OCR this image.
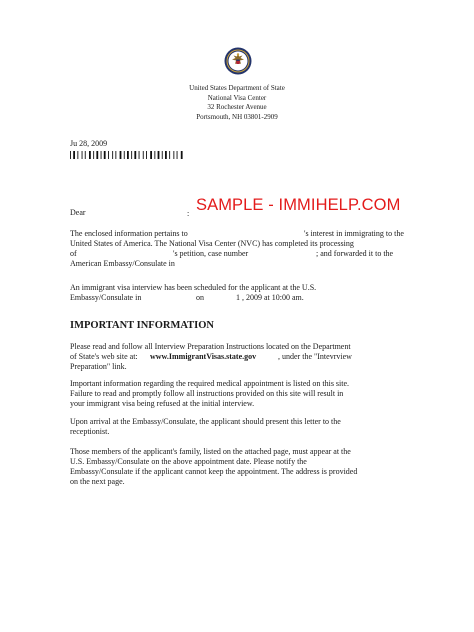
United States Department of State
National Visa Center
32 Rochester Avenue
Portsmouth, NH 03801-2909
Ju 28, 2009
Dear	: SAMPLE - IMMIHELP.COM
The enclosed information pertains to	's interest in immigrating to the
United States of America. The National Visa Center (NVC) has completed its processing
of	's petition, case number	; and forwarded it to the
American Embassy/Consulate in
An immigrant visa interview has been scheduled for the applicant at the U.S.
Embassy/Consulate in	on	1 , 2009 at 10:00 am.
IMPORTANT INFORMATION
Please read and follow all Interview Preparation Instructions located on the Department
of State's web site at: www.ImmigrantVisas.state.gov	, under the "Intevrview
Preparation" link.
Important information regarding the required medical appointment is listed on this site.
Failure to read and promptly follow all instructions provided on this site will result in
your immigrant visa being refused at the initial interview.
Upon arrival at the Embassy/Consulate, the applicant should present this letter to the
receptionist.
Those members of the applicant's family, listed on the attached page, must appear at the
U.S. Embassy/Consulate on the above appointment date. Please notify the
Embassy/Consulate if the applicant cannot keep the appointment. The address is provided
on the next page.
